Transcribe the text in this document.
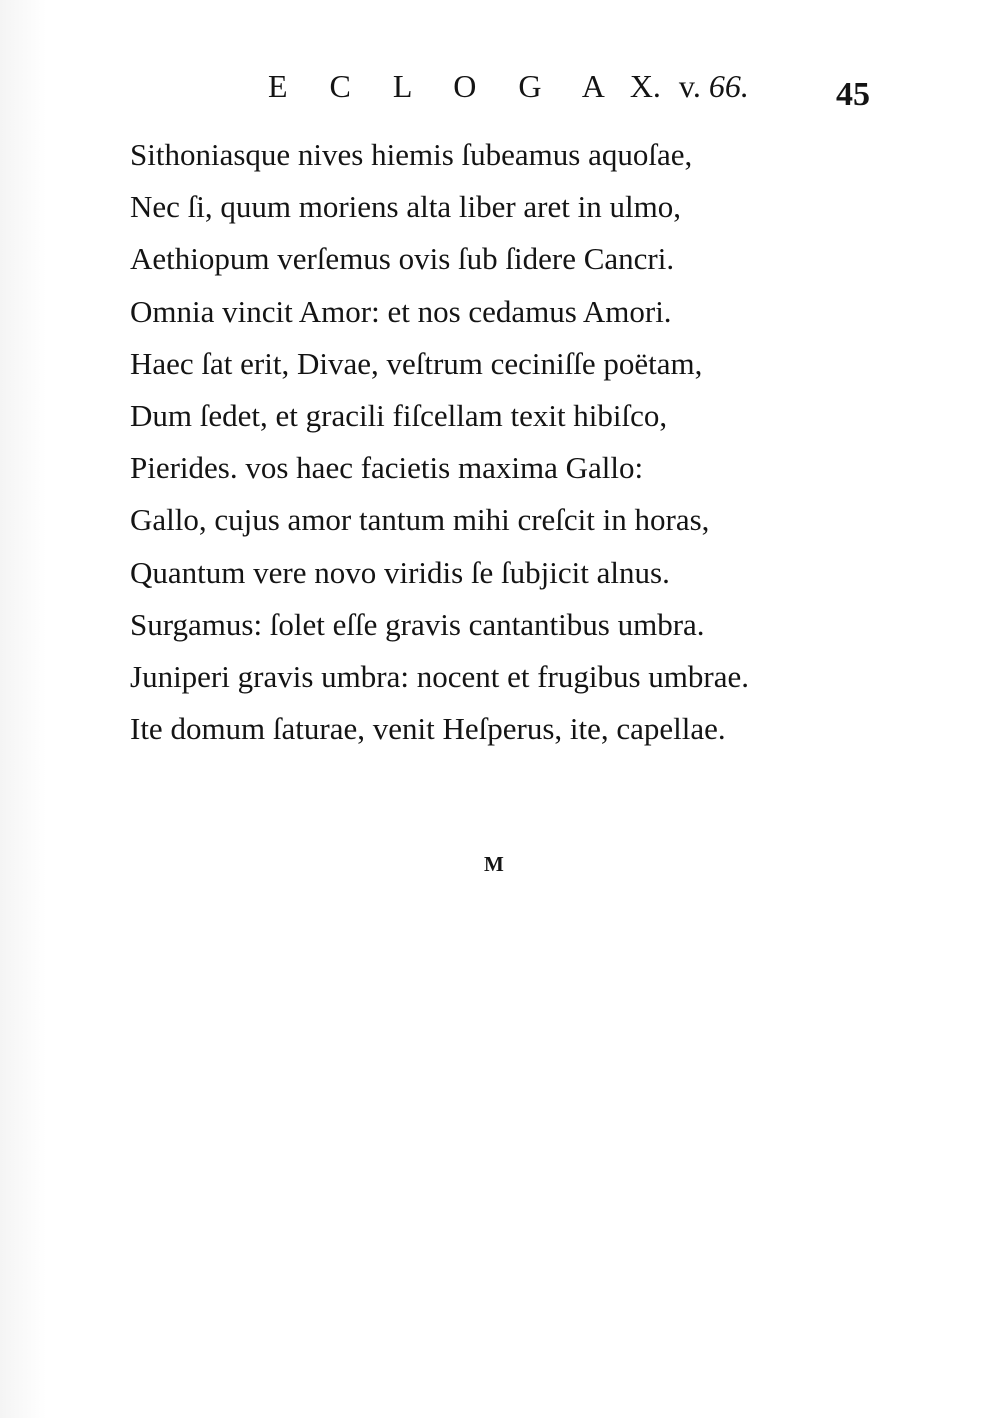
E C L O G A X. v. 66.	45
Sithoniasque nives hiemis ſubeamus aquoſae,
Nec ſi, quum moriens alta liber aret in ulmo,
Aethiopum verſemus ovis ſub ſidere Cancri.
Omnia vincit Amor: et nos cedamus Amori.
Haec ſat erit, Divae, veſtrum ceciniſſe poëtam,
Dum ſedet, et gracili fiſcellam texit hibiſco,
Pierides. vos haec facietis maxima Gallo:
Gallo, cujus amor tantum mihi creſcit in horas,
Quantum vere novo viridis ſe ſubjicit alnus.
Surgamus: ſolet eſſe gravis cantantibus umbra.
Juniperi gravis umbra: nocent et frugibus umbrae.
Ite domum ſaturae, venit Heſperus, ite, capellae.
M
